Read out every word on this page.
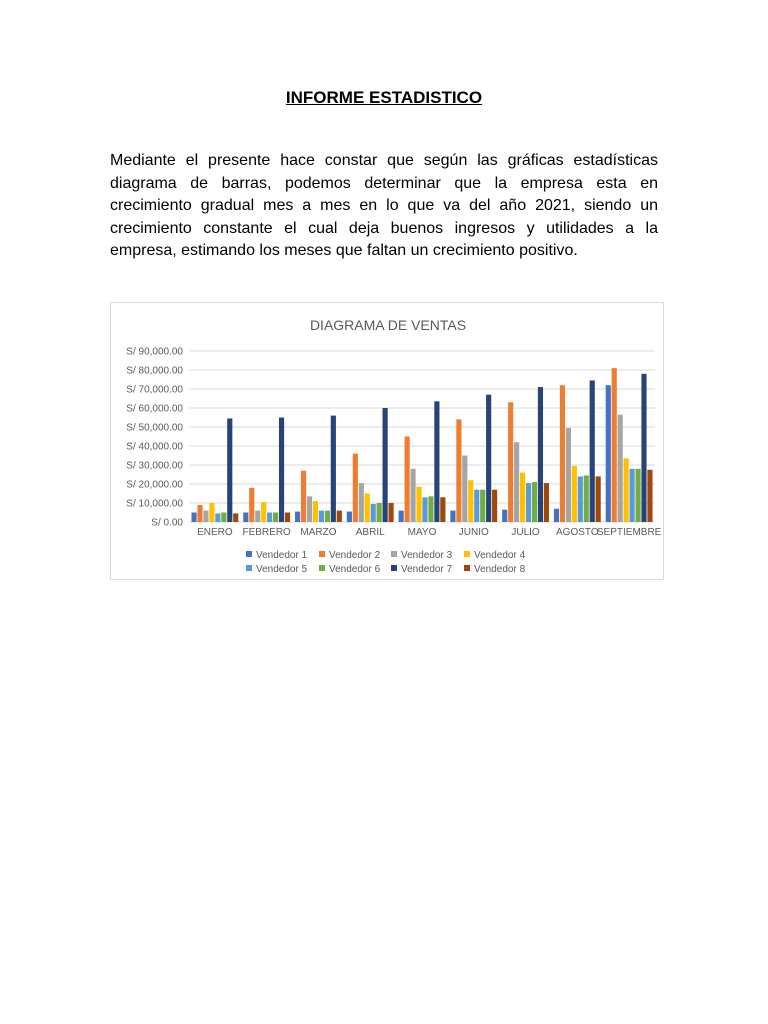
INFORME ESTADISTICO
Mediante el presente hace constar que según las gráficas estadísticas diagrama de barras, podemos determinar que la empresa esta en crecimiento gradual mes a mes en lo que va del año 2021, siendo un crecimiento constante el cual deja buenos ingresos y utilidades a la empresa, estimando los meses que faltan un crecimiento positivo.
DIAGRAMA DE VENTAS
S/ 0.00
S/ 10,000.00
S/ 20,000.00
S/ 30,000.00
S/ 40,000.00
S/ 50,000.00
S/ 60,000.00
S/ 70,000.00
S/ 80,000.00
S/ 90,000.00
ENERO FEBRERO MARZO ABRIL MAYO JUNIO JULIO AGOSTO
SEPTIEMBRE
Vendedor 1 Vendedor 2 Vendedor 3 Vendedor 4
Vendedor 5 Vendedor 6 Vendedor 7 Vendedor 8
